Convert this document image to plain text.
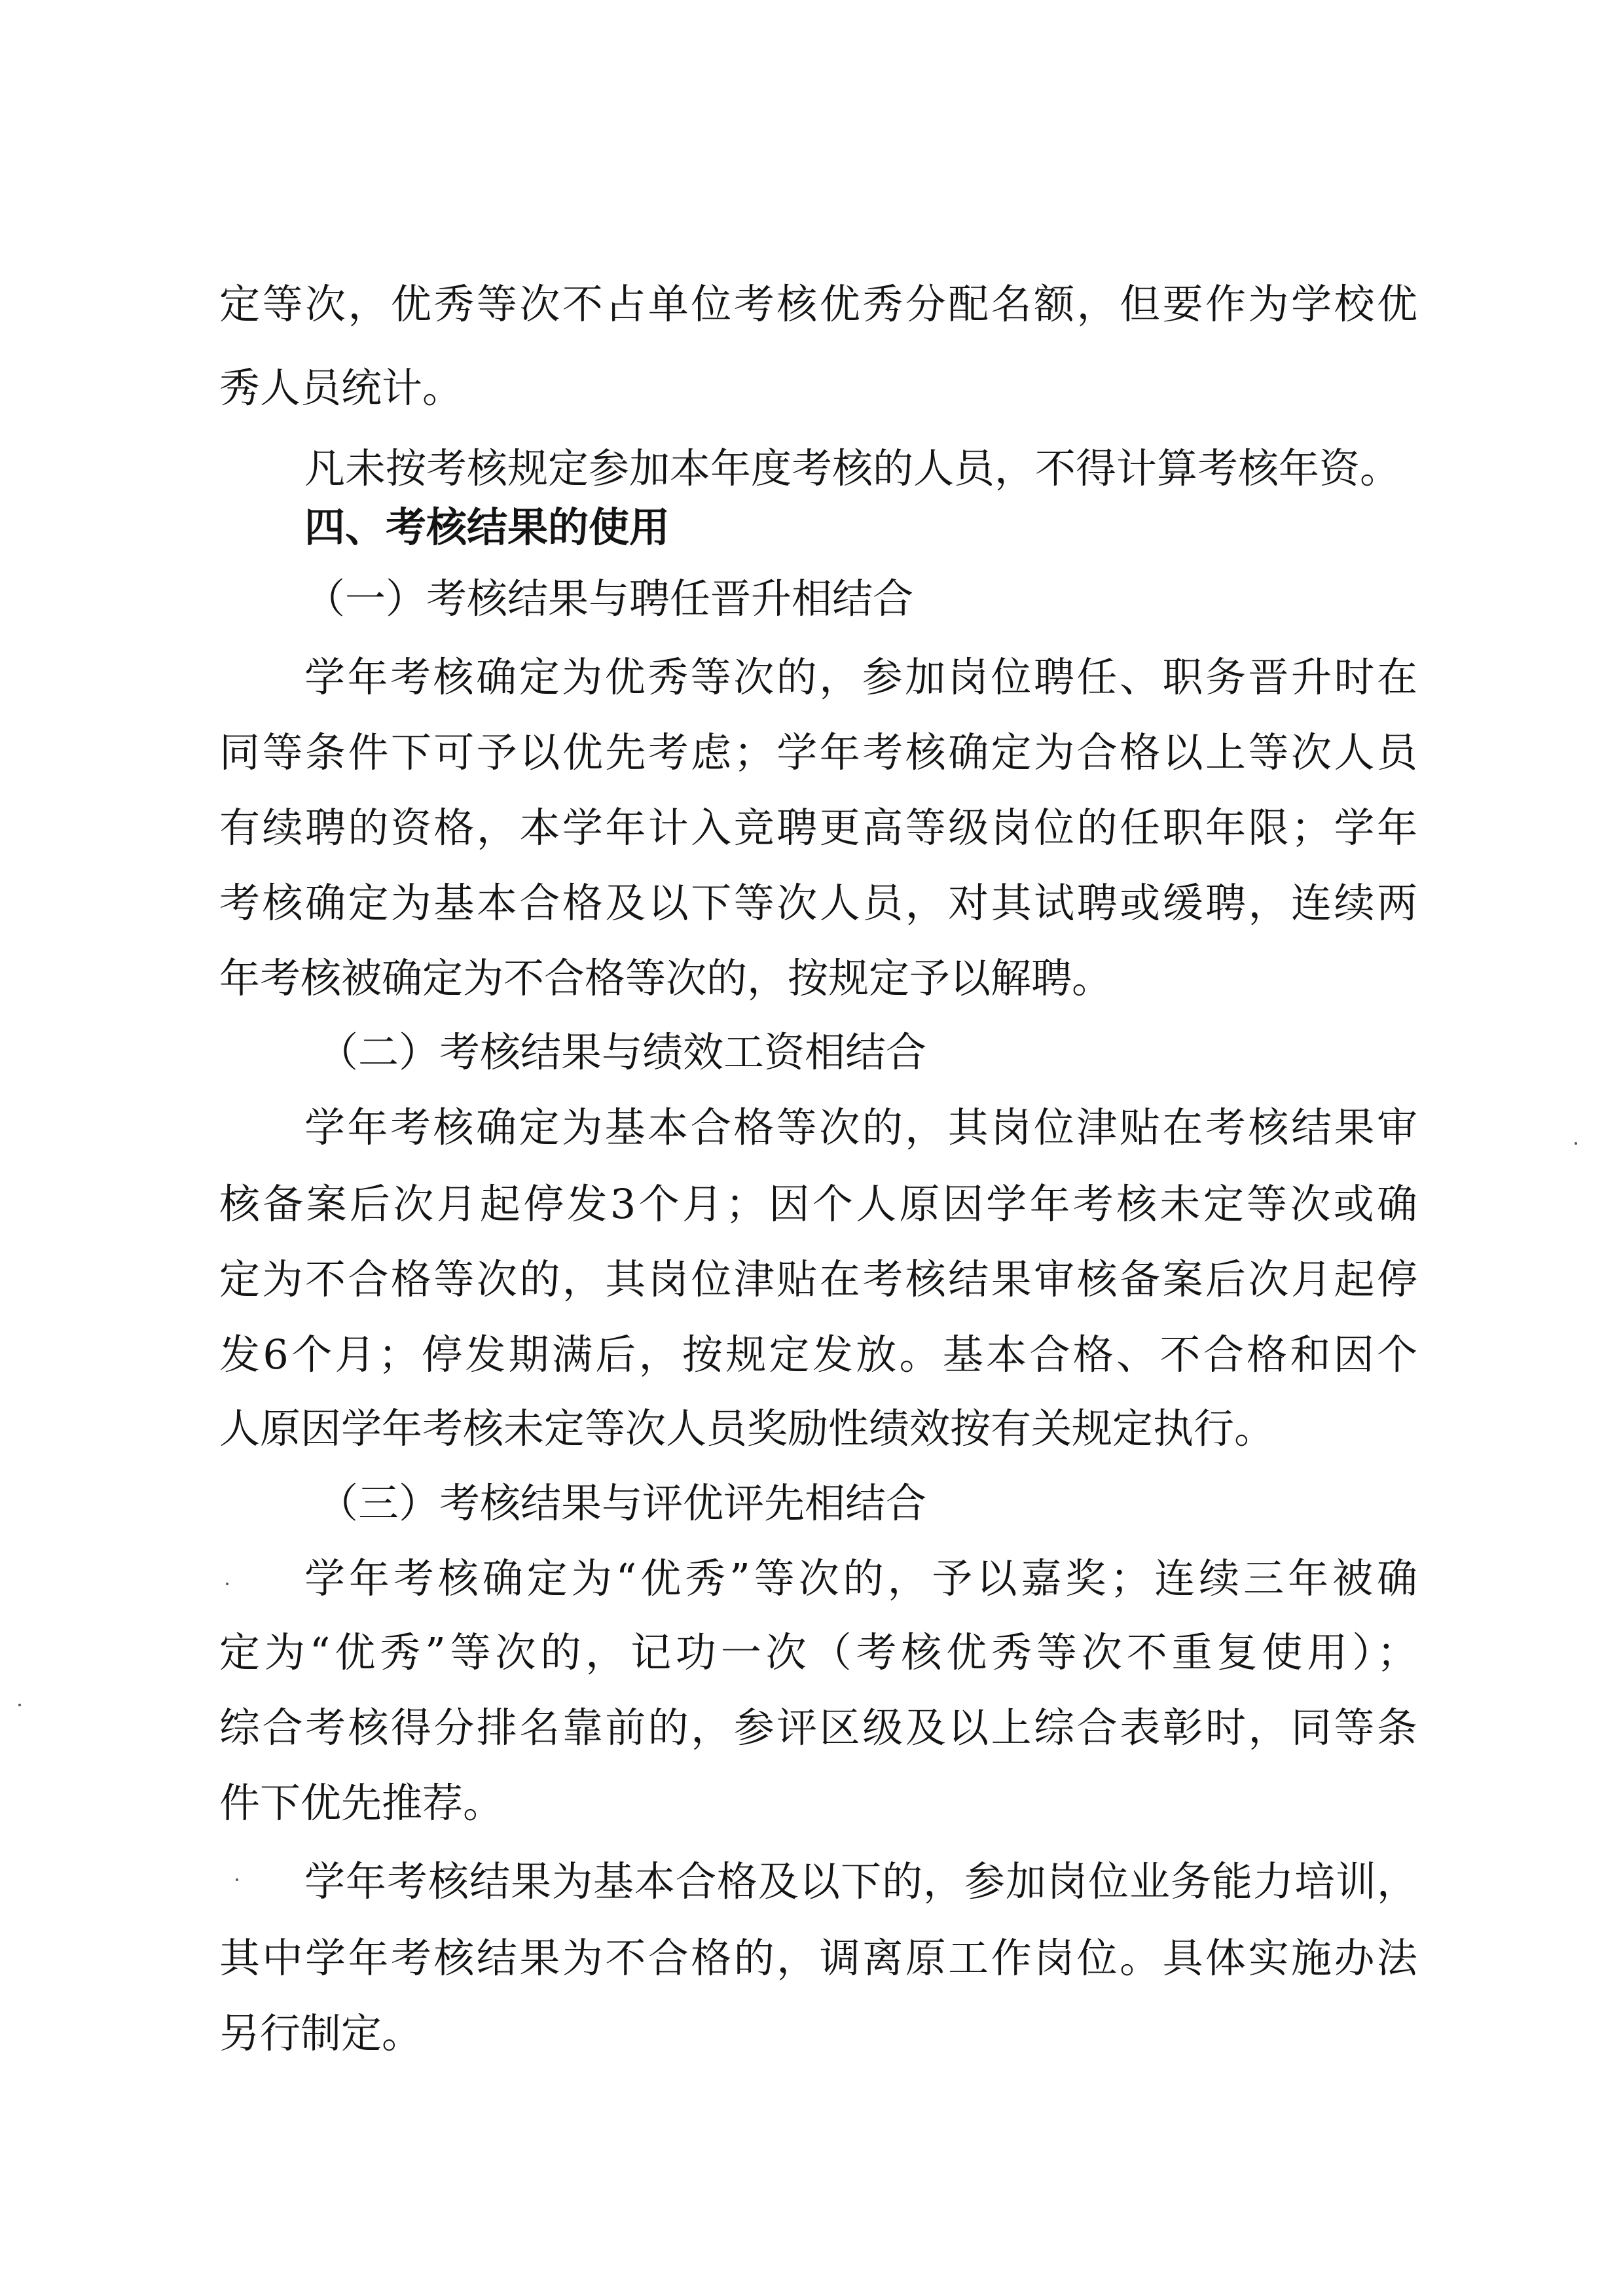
定等次，优秀等次不占单位考核优秀分配名额，但要作为学校优
秀人员统计。
凡未按考核规定参加本年度考核的人员，不得计算考核年资。
四、考核结果的使用
（一）考核结果与聘任晋升相结合
学年考核确定为优秀等次的，参加岗位聘任、职务晋升时在
同等条件下可予以优先考虑；学年考核确定为合格以上等次人员
有续聘的资格，本学年计入竞聘更高等级岗位的任职年限；学年
考核确定为基本合格及以下等次人员，对其试聘或缓聘，连续两
年考核被确定为不合格等次的，按规定予以解聘。
（二）考核结果与绩效工资相结合
学年考核确定为基本合格等次的，其岗位津贴在考核结果审
核备案后次月起停发3个月；因个人原因学年考核未定等次或确
定为不合格等次的，其岗位津贴在考核结果审核备案后次月起停
发6个月；停发期满后，按规定发放。基本合格、不合格和因个
人原因学年考核未定等次人员奖励性绩效按有关规定执行。
（三）考核结果与评优评先相结合
学年考核确定为“优秀”等次的，予以嘉奖；连续三年被确
定为“优秀”等次的，记功一次（考核优秀等次不重复使用）；
综合考核得分排名靠前的，参评区级及以上综合表彰时，同等条
件下优先推荐。
学年考核结果为基本合格及以下的，参加岗位业务能力培训，
其中学年考核结果为不合格的，调离原工作岗位。具体实施办法
另行制定。
